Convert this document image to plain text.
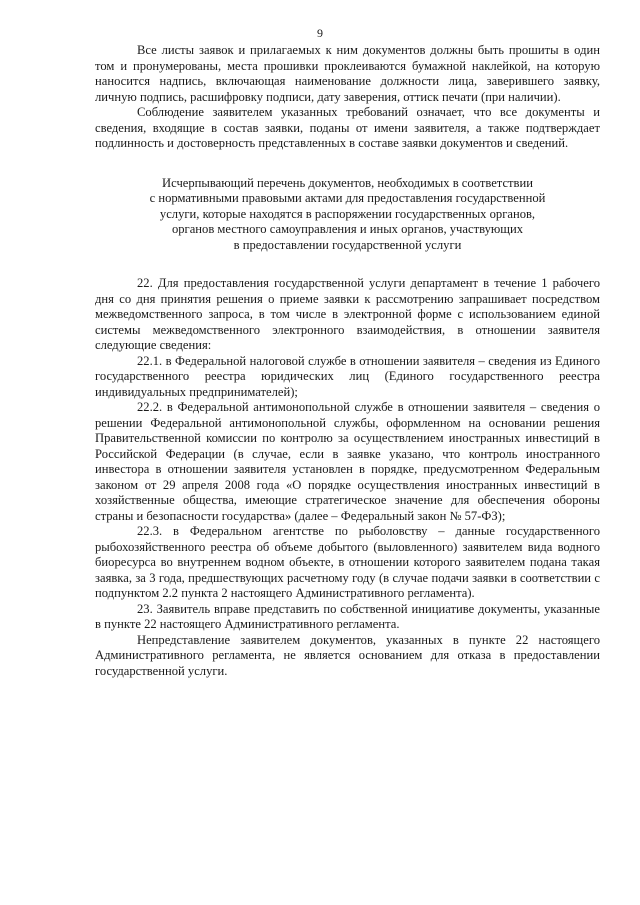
9

Все листы заявок и прилагаемых к ним документов должны быть прошиты в один том и пронумерованы, места прошивки проклеиваются бумажной наклейкой, на которую наносится надпись, включающая наименование должности лица, заверившего заявку, личную подпись, расшифровку подписи, дату заверения, оттиск печати (при наличии).

Соблюдение заявителем указанных требований означает, что все документы и сведения, входящие в состав заявки, поданы от имени заявителя, а также подтверждает подлинность и достоверность представленных в составе заявки документов и сведений.

Исчерпывающий перечень документов, необходимых в соответствии
с нормативными правовыми актами для предоставления государственной
услуги, которые находятся в распоряжении государственных органов,
органов местного самоуправления и иных органов, участвующих
в предоставлении государственной услуги

22. Для предоставления государственной услуги департамент в течение 1 рабочего дня со дня принятия решения о приеме заявки к рассмотрению запрашивает посредством межведомственного запроса, в том числе в электронной форме с использованием единой системы межведомственного электронного взаимодействия, в отношении заявителя следующие сведения:

22.1. в Федеральной налоговой службе в отношении заявителя – сведения из Единого государственного реестра юридических лиц (Единого государственного реестра индивидуальных предпринимателей);

22.2. в Федеральной антимонопольной службе в отношении заявителя – сведения о решении Федеральной антимонопольной службы, оформленном на основании решения Правительственной комиссии по контролю за осуществлением иностранных инвестиций в Российской Федерации (в случае, если в заявке указано, что контроль иностранного инвестора в отношении заявителя установлен в порядке, предусмотренном Федеральным законом от 29 апреля 2008 года «О порядке осуществления иностранных инвестиций в хозяйственные общества, имеющие стратегическое значение для обеспечения обороны страны и безопасности государства» (далее – Федеральный закон № 57-ФЗ);

22.3. в Федеральном агентстве по рыболовству – данные государственного рыбохозяйственного реестра об объеме добытого (выловленного) заявителем вида водного биоресурса во внутреннем водном объекте, в отношении которого заявителем подана такая заявка, за 3 года, предшествующих расчетному году (в случае подачи заявки в соответствии с подпунктом 2.2 пункта 2 настоящего Административного регламента).

23. Заявитель вправе представить по собственной инициативе документы, указанные в пункте 22 настоящего Административного регламента.

Непредставление заявителем документов, указанных в пункте 22 настоящего Административного регламента, не является основанием для отказа в предоставлении государственной услуги.
